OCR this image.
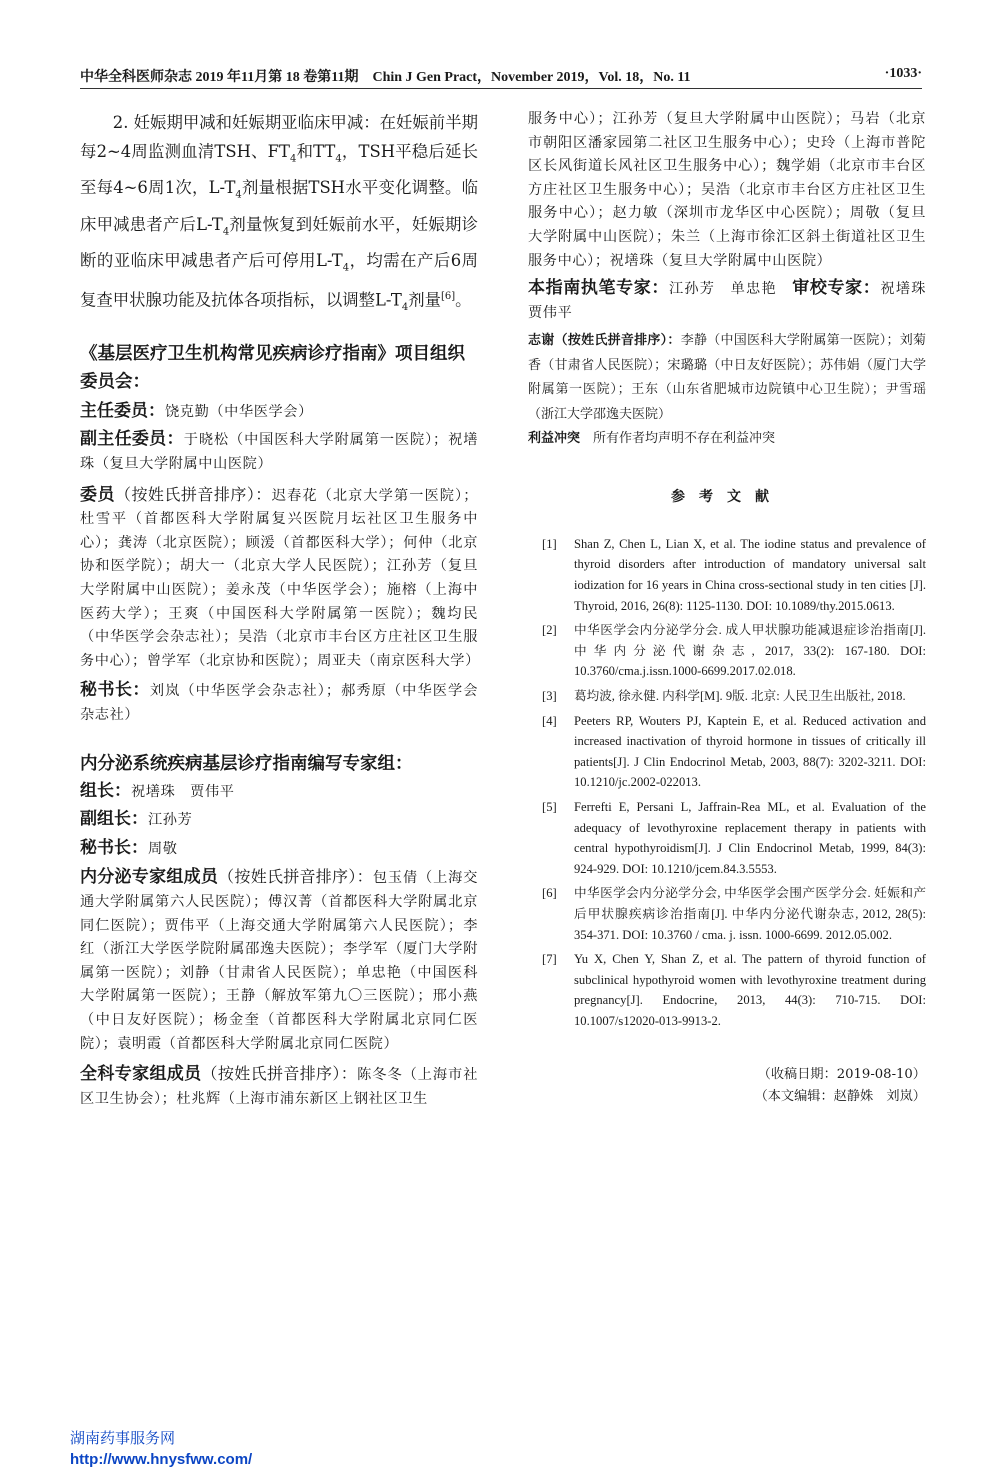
中华全科医师杂志 2019 年11月第 18 卷第11期　Chin J Gen Pract，November 2019，Vol. 18，No. 11	·1033·

2. 妊娠期甲减和妊娠期亚临床甲减：在妊娠前半期每2~4周监测血清TSH、$FT_4$和$TT_4$，TSH平稳后延长至每4~6周1次，$L-T_4$剂量根据TSH水平变化调整。临床甲减患者产后$L-T_4$剂量恢复到妊娠前水平，妊娠期诊断的亚临床甲减患者产后可停用$L-T_4$，均需在产后6周复查甲状腺功能及抗体各项指标，以调整$L-T_4$剂量[6]。

《基层医疗卫生机构常见疾病诊疗指南》项目组织委员会：

主任委员：饶克勤（中华医学会）

副主任委员：于晓松（中国医科大学附属第一医院）；祝墡珠（复旦大学附属中山医院）

委员（按姓氏拼音排序）：迟春花（北京大学第一医院）；杜雪平（首都医科大学附属复兴医院月坛社区卫生服务中心）；龚涛（北京医院）；顾湲（首都医科大学）；何仲（北京协和医学院）；胡大一（北京大学人民医院）；江孙芳（复旦大学附属中山医院）；姜永茂（中华医学会）；施榕（上海中医药大学）；王爽（中国医科大学附属第一医院）；魏均民（中华医学会杂志社）；吴浩（北京市丰台区方庄社区卫生服务中心）；曾学军（北京协和医院）；周亚夫（南京医科大学）

秘书长：刘岚（中华医学会杂志社）；郝秀原（中华医学会杂志社）

内分泌系统疾病基层诊疗指南编写专家组：

组长：祝墡珠　贾伟平

副组长：江孙芳

秘书长：周敬

内分泌专家组成员（按姓氏拼音排序）：包玉倩（上海交通大学附属第六人民医院）；傅汉菁（首都医科大学附属北京同仁医院）；贾伟平（上海交通大学附属第六人民医院）；李红（浙江大学医学院附属邵逸夫医院）；李学军（厦门大学附属第一医院）；刘静（甘肃省人民医院）；单忠艳（中国医科大学附属第一医院）；王静（解放军第九〇三医院）；邢小燕（中日友好医院）；杨金奎（首都医科大学附属北京同仁医院）；袁明霞（首都医科大学附属北京同仁医院）

全科专家组成员（按姓氏拼音排序）：陈冬冬（上海市社区卫生协会）；杜兆辉（上海市浦东新区上钢社区卫生

服务中心）；江孙芳（复旦大学附属中山医院）；马岩（北京市朝阳区潘家园第二社区卫生服务中心）；史玲（上海市普陀区长风街道长风社区卫生服务中心）；魏学娟（北京市丰台区方庄社区卫生服务中心）；吴浩（北京市丰台区方庄社区卫生服务中心）；赵力敏（深圳市龙华区中心医院）；周敬（复旦大学附属中山医院）；朱兰（上海市徐汇区斜土街道社区卫生服务中心）；祝墡珠（复旦大学附属中山医院）

本指南执笔专家：江孙芳　单忠艳　 审校专家：祝墡珠　贾伟平

志谢（按姓氏拼音排序）：李静（中国医科大学附属第一医院）；刘菊香（甘肃省人民医院）；宋璐璐（中日友好医院）；苏伟娟（厦门大学附属第一医院）；王东（山东省肥城市边院镇中心卫生院）；尹雪瑶（浙江大学邵逸夫医院）

利益冲突　 所有作者均声明不存在利益冲突

参考文献

[1]	Shan Z, Chen L, Lian X, et al. The iodine status and prevalence of thyroid disorders after introduction of mandatory universal salt iodization for 16 years in China cross-sectional study in ten cities [J]. Thyroid, 2016, 26(8): 1125-1130. DOI: 10.1089/thy.2015.0613.
[2]	中华医学会内分泌学分会. 成人甲状腺功能减退症诊治指南[J]. 中华内分泌代谢杂志, 2017, 33(2): 167-180. DOI: 10.3760/cma.j.issn.1000-6699.2017.02.018.
[3]	葛均波, 徐永健. 内科学[M]. 9版. 北京: 人民卫生出版社, 2018.
[4]	Peeters RP, Wouters PJ, Kaptein E, et al. Reduced activation and increased inactivation of thyroid hormone in tissues of critically ill patients[J]. J Clin Endocrinol Metab, 2003, 88(7): 3202-3211. DOI: 10.1210/jc.2002-022013.
[5]	Ferrefti E, Persani L, Jaffrain-Rea ML, et al. Evaluation of the adequacy of levothyroxine replacement therapy in patients with central hypothyroidism[J]. J Clin Endocrinol Metab, 1999, 84(3): 924-929. DOI: 10.1210/jcem.84.3.5553.
[6]	中华医学会内分泌学分会, 中华医学会围产医学分会. 妊娠和产后甲状腺疾病诊治指南[J]. 中华内分泌代谢杂志, 2012, 28(5): 354-371. DOI: 10.3760 / cma. j. issn. 1000-6699. 2012.05.002.
[7]	Yu X, Chen Y, Shan Z, et al. The pattern of thyroid function of subclinical hypothyroid women with levothyroxine treatment during pregnancy[J]. Endocrine, 2013, 44(3): 710-715. DOI: 10.1007/s12020-013-9913-2.

（收稿日期：2019-08-10）

（本文编辑：赵静姝　刘岚）

湖南药事服务网
http://www.hnysfww.com/
